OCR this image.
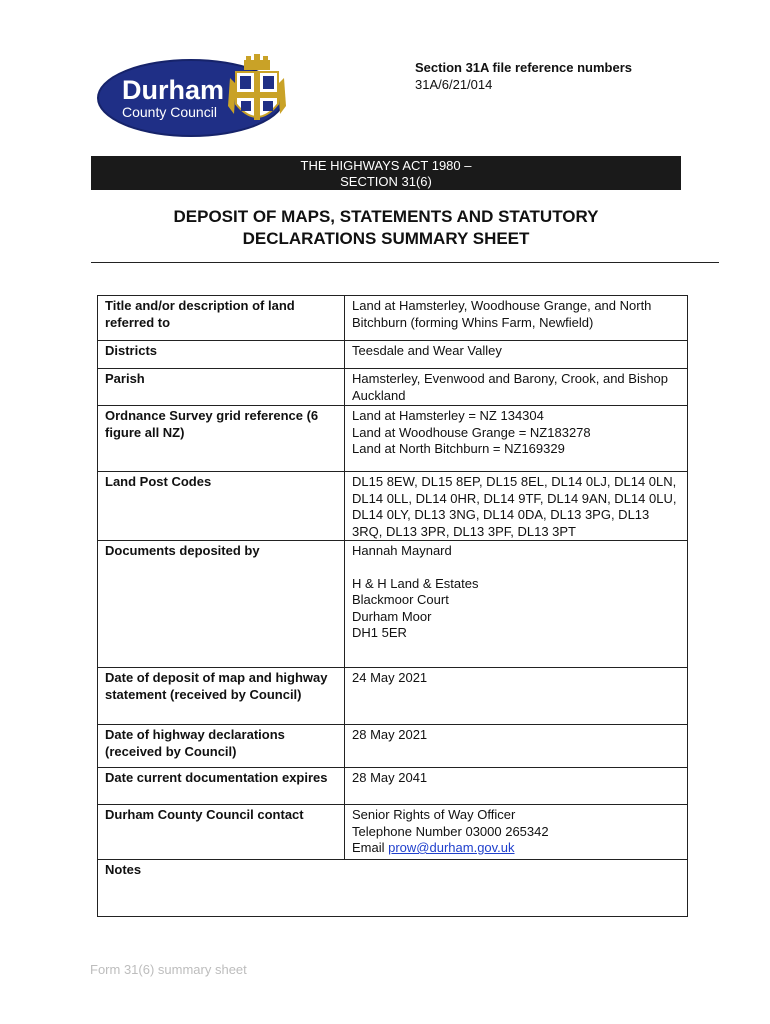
Durham
County Council
Section 31A file reference numbers
31A/6/21/014
THE HIGHWAYS ACT 1980 –
SECTION 31(6)
DEPOSIT OF MAPS, STATEMENTS AND STATUTORY
DECLARATIONS SUMMARY SHEET
Title and/or description of land referred to	Land at Hamsterley, Woodhouse Grange, and North Bitchburn (forming Whins Farm, Newfield)
Districts	Teesdale and Wear Valley
Parish	Hamsterley, Evenwood and Barony, Crook, and Bishop Auckland
Ordnance Survey grid reference (6 figure all NZ)	Land at Hamsterley = NZ 134304
Land at Woodhouse Grange = NZ183278
Land at North Bitchburn = NZ169329

Land Post Codes	DL15 8EW, DL15 8EP, DL15 8EL, DL14 0LJ, DL14 0LN, DL14 0LL, DL14 0HR, DL14 9TF, DL14 9AN, DL14 0LU, DL14 0LY, DL13 3NG, DL14 0DA, DL13 3PG, DL13 3RQ, DL13 3PR, DL13 3PF, DL13 3PT
Documents deposited by	Hannah Maynard
H & H Land & Estates
Blackmoor Court
Durham Moor
DH1 5ER

Date of deposit of map and highway statement (received by Council)	24 May 2021
Date of highway declarations (received by Council)	28 May 2021
Date current documentation expires	28 May 2041
Durham County Council contact	Senior Rights of Way Officer
Telephone Number 03000 265342
Email prow@durham.gov.uk

Notes	
Form 31(6) summary sheet
